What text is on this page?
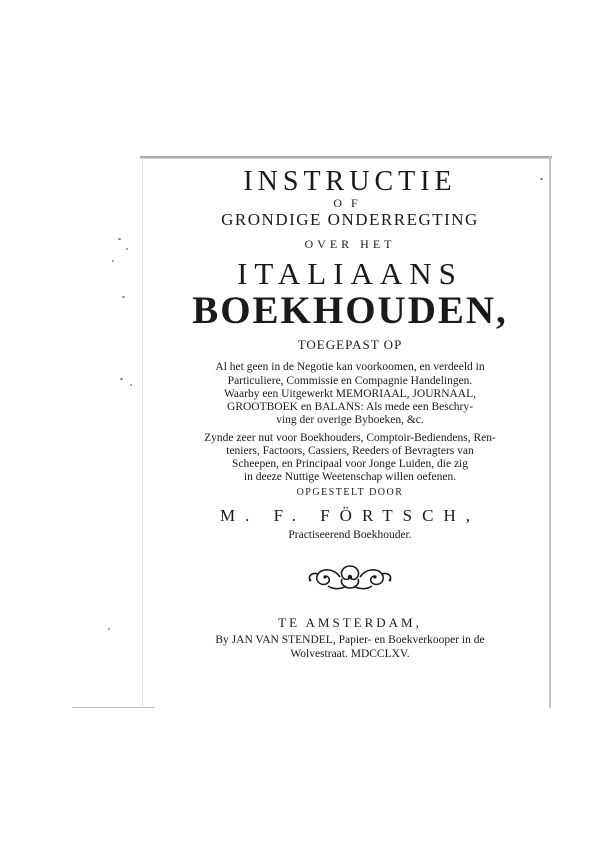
INSTRUCTIE
OF
GRONDIGE ONDERREGTING
OVER HET
ITALIAANS
BOEKHOUDEN,
TOEGEPAST OP
Al het geen in de Negotie kan voorkoomen, en verdeeld in
Particuliere, Commissie en Compagnie Handelingen.
Waarby een Uitgewerkt MEMORIAAL, JOURNAAL,
GROOTBOEK en BALANS: Als mede een Beschry-
ving der overige Byboeken, &c.
Zynde zeer nut voor Boekhouders, Comptoir-Bediendens, Ren-
teniers, Factoors, Cassiers, Reeders of Bevragters van
Scheepen, en Principaal voor Jonge Luiden, die zig
in deeze Nuttige Weetenschap willen oefenen.
OPGESTELT DOOR
M. F. FÖRTSCH,
Practiseerend Boekhouder.
TE AMSTERDAM,
By JAN VAN STENDEL, Papier- en Boekverkooper in de
Wolvestraat. MDCCLXV.
